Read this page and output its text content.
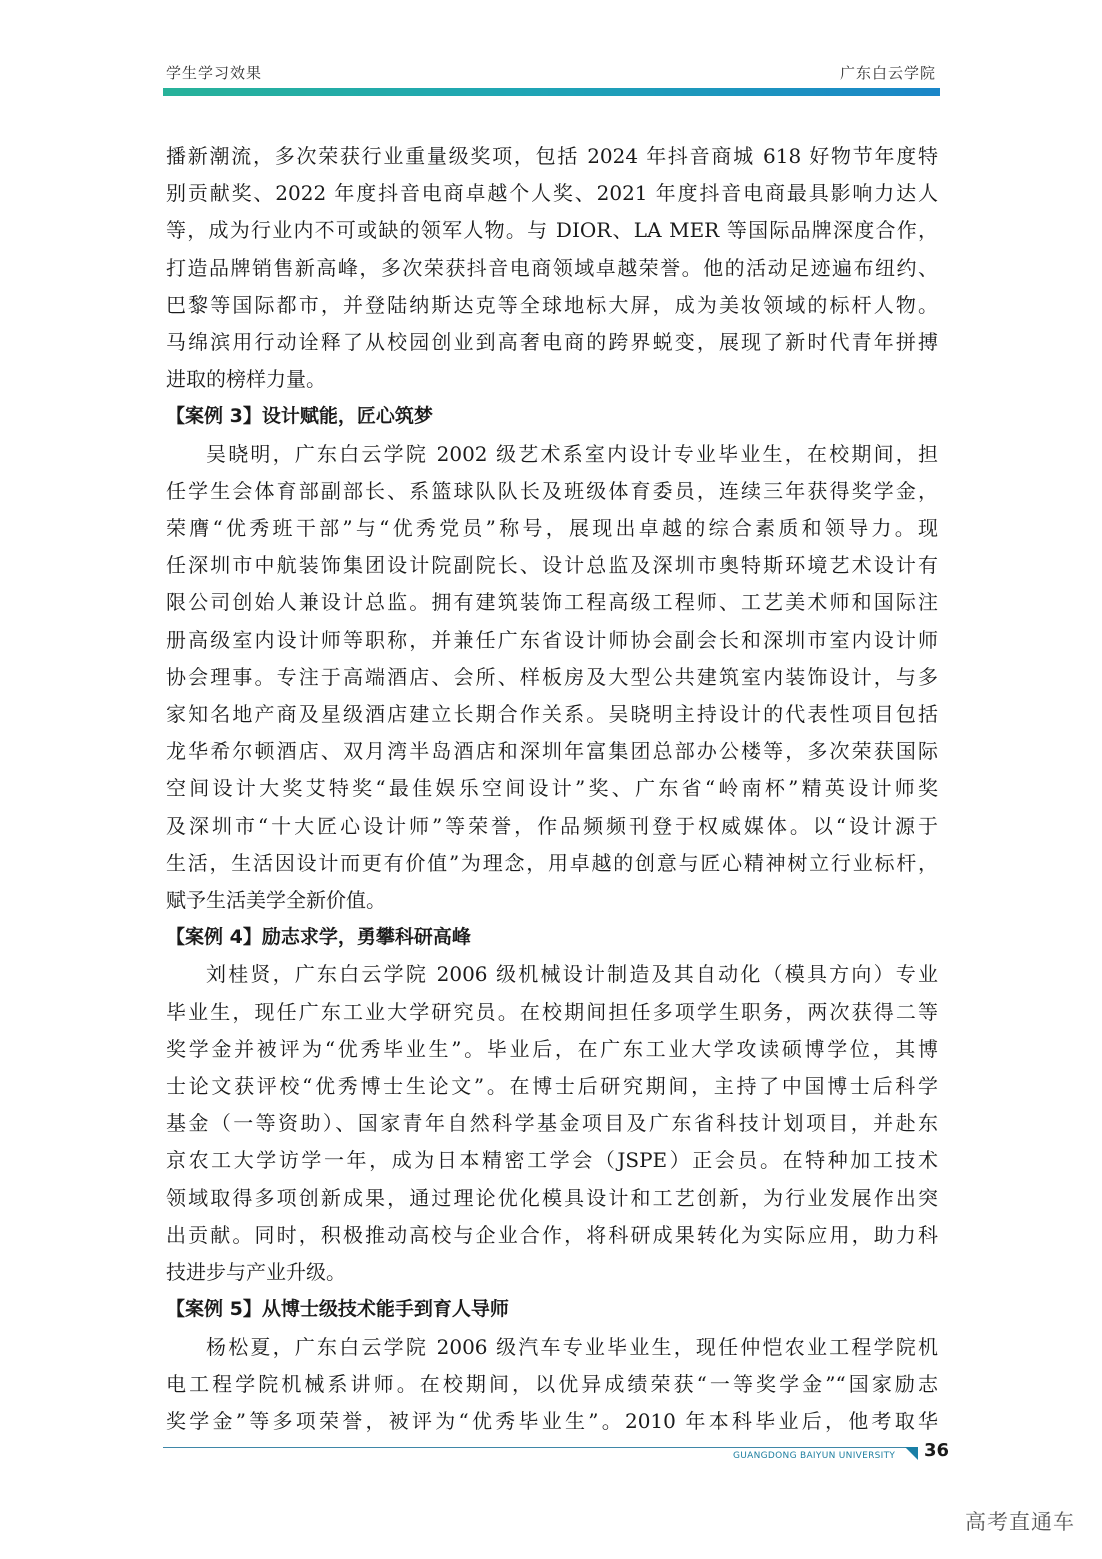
学生学习效果	广东白云学院
播新潮流，多次荣获行业重量级奖项，包括 2024 年抖音商城 618 好物节年度特
别贡献奖、2022 年度抖音电商卓越个人奖、2021 年度抖音电商最具影响力达人
等，成为行业内不可或缺的领军人物。与 DIOR、LA MER 等国际品牌深度合作，
打造品牌销售新高峰，多次荣获抖音电商领域卓越荣誉。他的活动足迹遍布纽约、
巴黎等国际都市，并登陆纳斯达克等全球地标大屏，成为美妆领域的标杆人物。
马绵滨用行动诠释了从校园创业到高奢电商的跨界蜕变，展现了新时代青年拼搏
进取的榜样力量。
【案例 3】设计赋能，匠心筑梦
吴晓明，广东白云学院 2002 级艺术系室内设计专业毕业生，在校期间，担
任学生会体育部副部长、系篮球队队长及班级体育委员，连续三年获得奖学金，
荣膺“优秀班干部”与“优秀党员”称号，展现出卓越的综合素质和领导力。现
任深圳市中航装饰集团设计院副院长、设计总监及深圳市奥特斯环境艺术设计有
限公司创始人兼设计总监。拥有建筑装饰工程高级工程师、工艺美术师和国际注
册高级室内设计师等职称，并兼任广东省设计师协会副会长和深圳市室内设计师
协会理事。专注于高端酒店、会所、样板房及大型公共建筑室内装饰设计，与多
家知名地产商及星级酒店建立长期合作关系。吴晓明主持设计的代表性项目包括
龙华希尔顿酒店、双月湾半岛酒店和深圳年富集团总部办公楼等，多次荣获国际
空间设计大奖艾特奖“最佳娱乐空间设计”奖、广东省“岭南杯”精英设计师奖
及深圳市“十大匠心设计师”等荣誉，作品频频刊登于权威媒体。以“设计源于
生活，生活因设计而更有价值”为理念，用卓越的创意与匠心精神树立行业标杆，
赋予生活美学全新价值。
【案例 4】励志求学，勇攀科研高峰
刘桂贤，广东白云学院 2006 级机械设计制造及其自动化（模具方向）专业
毕业生，现任广东工业大学研究员。在校期间担任多项学生职务，两次获得二等
奖学金并被评为“优秀毕业生”。毕业后，在广东工业大学攻读硕博学位，其博
士论文获评校“优秀博士生论文”。在博士后研究期间，主持了中国博士后科学
基金（一等资助）、国家青年自然科学基金项目及广东省科技计划项目，并赴东
京农工大学访学一年，成为日本精密工学会（JSPE）正会员。在特种加工技术
领域取得多项创新成果，通过理论优化模具设计和工艺创新，为行业发展作出突
出贡献。同时，积极推动高校与企业合作，将科研成果转化为实际应用，助力科
技进步与产业升级。
【案例 5】从博士级技术能手到育人导师
杨松夏，广东白云学院 2006 级汽车专业毕业生，现任仲恺农业工程学院机
电工程学院机械系讲师。在校期间，以优异成绩荣获“一等奖学金”“国家励志
奖学金”等多项荣誉，被评为“优秀毕业生”。2010 年本科毕业后，他考取华
GUANGDONG BAIYUN UNIVERSITY 36
高考直通车
